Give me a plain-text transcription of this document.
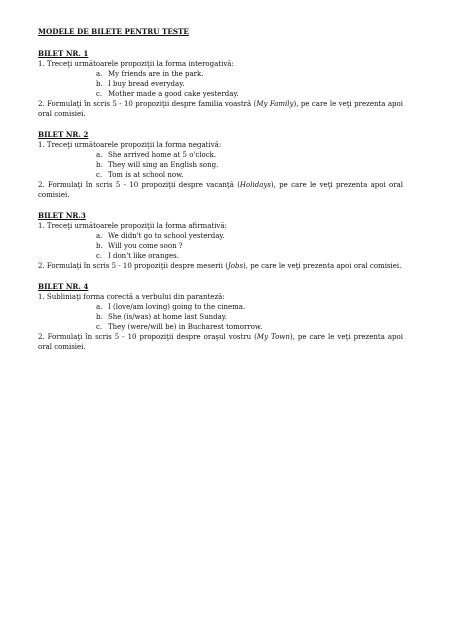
MODELE DE BILETE PENTRU TESTE
BILET NR. 1
1. Treceţi următoarele propoziţii la forma interogativă:
a. My friends are in the park.
b. I buy bread everyday.
c. Mother made a good cake yesterday.
2. Formulaţi în scris 5 - 10 propoziţii despre familia voastră (My Family), pe care le veţi prezenta apoi oral comisiei.
BILET NR. 2
1. Treceţi următoarele propoziţii la forma negativă:
a. She arrived home at 5 o'clock.
b. They will sing an English song.
c. Tom is at school now.
2. Formulaţi în scris 5 - 10 propoziţii despre vacanţă (Holidays), pe care le veţi prezenta apoi oral comisiei.
BILET NR.3
1. Treceţi următoarele propoziţii la forma afirmativă:
a. We didn't go to school yesterday.
b. Will you come soon ?
c. I don't like oranges.
2. Formulaţi în scris 5 - 10 propoziţii despre meserii (Jobs), pe care le veţi prezenta apoi oral comisiei.
BILET NR. 4
1. Subliniaţi forma corectă a verbului din paranteză:
a. I (love/am loving) going to the cinema.
b. She (is/was) at home last Sunday.
c. They (were/will be) in Bucharest tomorrow.
2. Formulaţi în scris 5 - 10 propoziţii despre oraşul vostru (My Town), pe care le veţi prezenta apoi oral comisiei.
